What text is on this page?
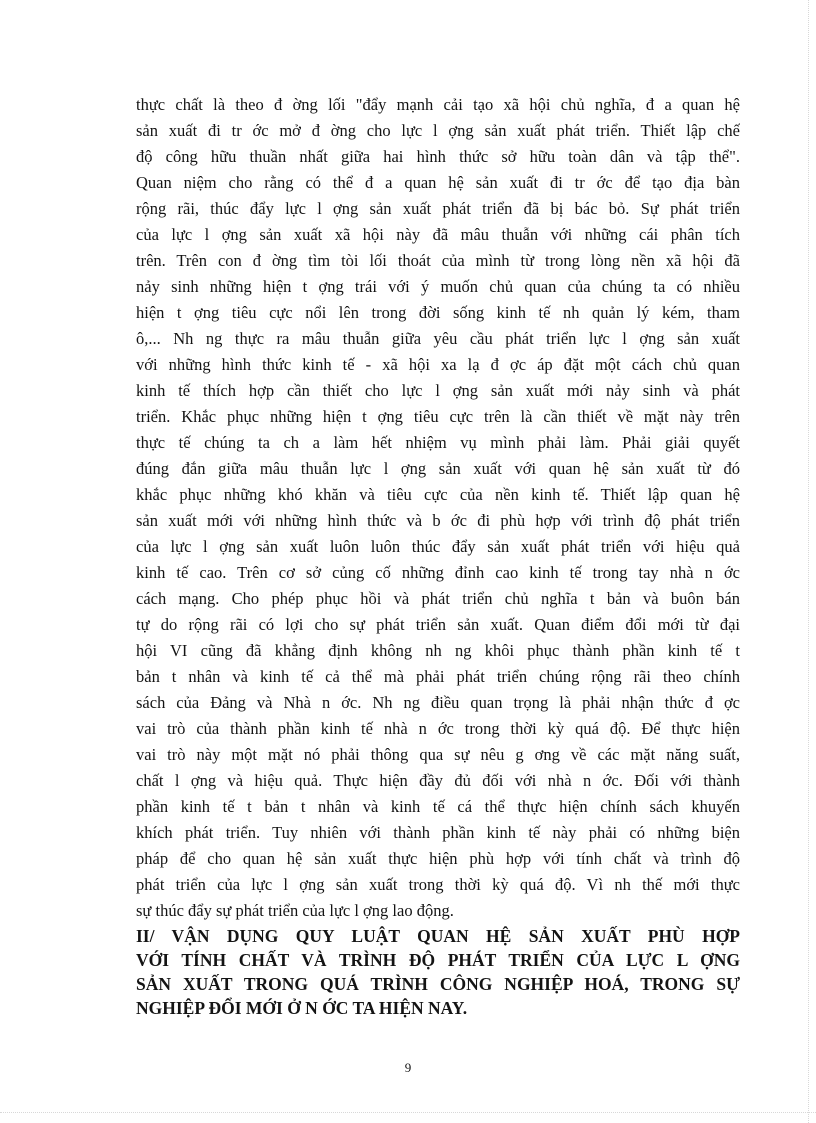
thực chất là theo đ ờng lối "đẩy mạnh cải tạo xã hội chủ nghĩa, đ a quan hệ
sản xuất đi tr ớc mở đ ờng cho lực l ợng sản xuất phát triển. Thiết lập chế
độ công hữu thuần nhất giữa hai hình thức sở hữu toàn dân và tập thể".
Quan niệm cho rằng có thể đ a quan hệ sản xuất đi tr ớc để tạo địa bàn
rộng rãi, thúc đẩy lực l ợng sản xuất phát triển đã bị bác bỏ. Sự phát triển
của lực l ợng sản xuất xã hội này đã mâu thuẫn với những cái phân tích
trên. Trên con đ ờng tìm tòi lối thoát của mình từ trong lòng nền xã hội đã
nảy sinh những hiện t ợng trái với ý muốn chủ quan của chúng ta có nhiều
hiện t ợng tiêu cực nổi lên trong đời sống kinh tế nh quản lý kém, tham
ô,... Nh ng thực ra mâu thuẫn giữa yêu cầu phát triển lực l ợng sản xuất
với những hình thức kinh tế - xã hội xa lạ đ ợc áp đặt một cách chủ quan
kinh tế thích hợp cần thiết cho lực l ợng sản xuất mới nảy sinh và phát
triển. Khắc phục những hiện t ợng tiêu cực trên là cần thiết về mặt này trên
thực tế chúng ta ch a làm hết nhiệm vụ mình phải làm. Phải giải quyết
đúng đắn giữa mâu thuẫn lực l ợng sản xuất với quan hệ sản xuất từ đó
khắc phục những khó khăn và tiêu cực của nền kinh tế. Thiết lập quan hệ
sản xuất mới với những hình thức và b ớc đi phù hợp với trình độ phát triển
của lực l ợng sản xuất luôn luôn thúc đẩy sản xuất phát triển với hiệu quả
kinh tế cao. Trên cơ sở củng cố những đỉnh cao kinh tế trong tay nhà n ớc
cách mạng. Cho phép phục hồi và phát triển chủ nghĩa t bản và buôn bán
tự do rộng rãi có lợi cho sự phát triển sản xuất. Quan điểm đổi mới từ đại
hội VI cũng đã khẳng định không nh ng khôi phục thành phần kinh tế t
bản t nhân và kinh tế cả thể mà phải phát triển chúng rộng rãi theo chính
sách của Đảng và Nhà n ớc. Nh ng điều quan trọng là phải nhận thức đ ợc
vai trò của thành phần kinh tế nhà n ớc trong thời kỳ quá độ. Để thực hiện
vai trò này một mặt nó phải thông qua sự nêu g ơng về các mặt năng suất,
chất l ợng và hiệu quả. Thực hiện đầy đủ đối với nhà n ớc. Đối với thành
phần kinh tế t bản t nhân và kinh tế cá thể thực hiện chính sách khuyến
khích phát triển. Tuy nhiên với thành phần kinh tế này phải có những biện
pháp để cho quan hệ sản xuất thực hiện phù hợp với tính chất và trình độ
phát triển của lực l ợng sản xuất trong thời kỳ quá độ. Vì nh thế mới thực
sự thúc đẩy sự phát triển của lực l ợng lao động.
II/ VẬN DỤNG QUY LUẬT QUAN HỆ SẢN XUẤT PHÙ HỢP
VỚI TÍNH CHẤT VÀ TRÌNH ĐỘ PHÁT TRIỂN CỦA LỰC L ỢNG
SẢN XUẤT TRONG QUÁ TRÌNH CÔNG NGHIỆP HOÁ, TRONG SỰ
NGHIỆP ĐỔI MỚI Ở N ỚC TA HIỆN NAY.
9
